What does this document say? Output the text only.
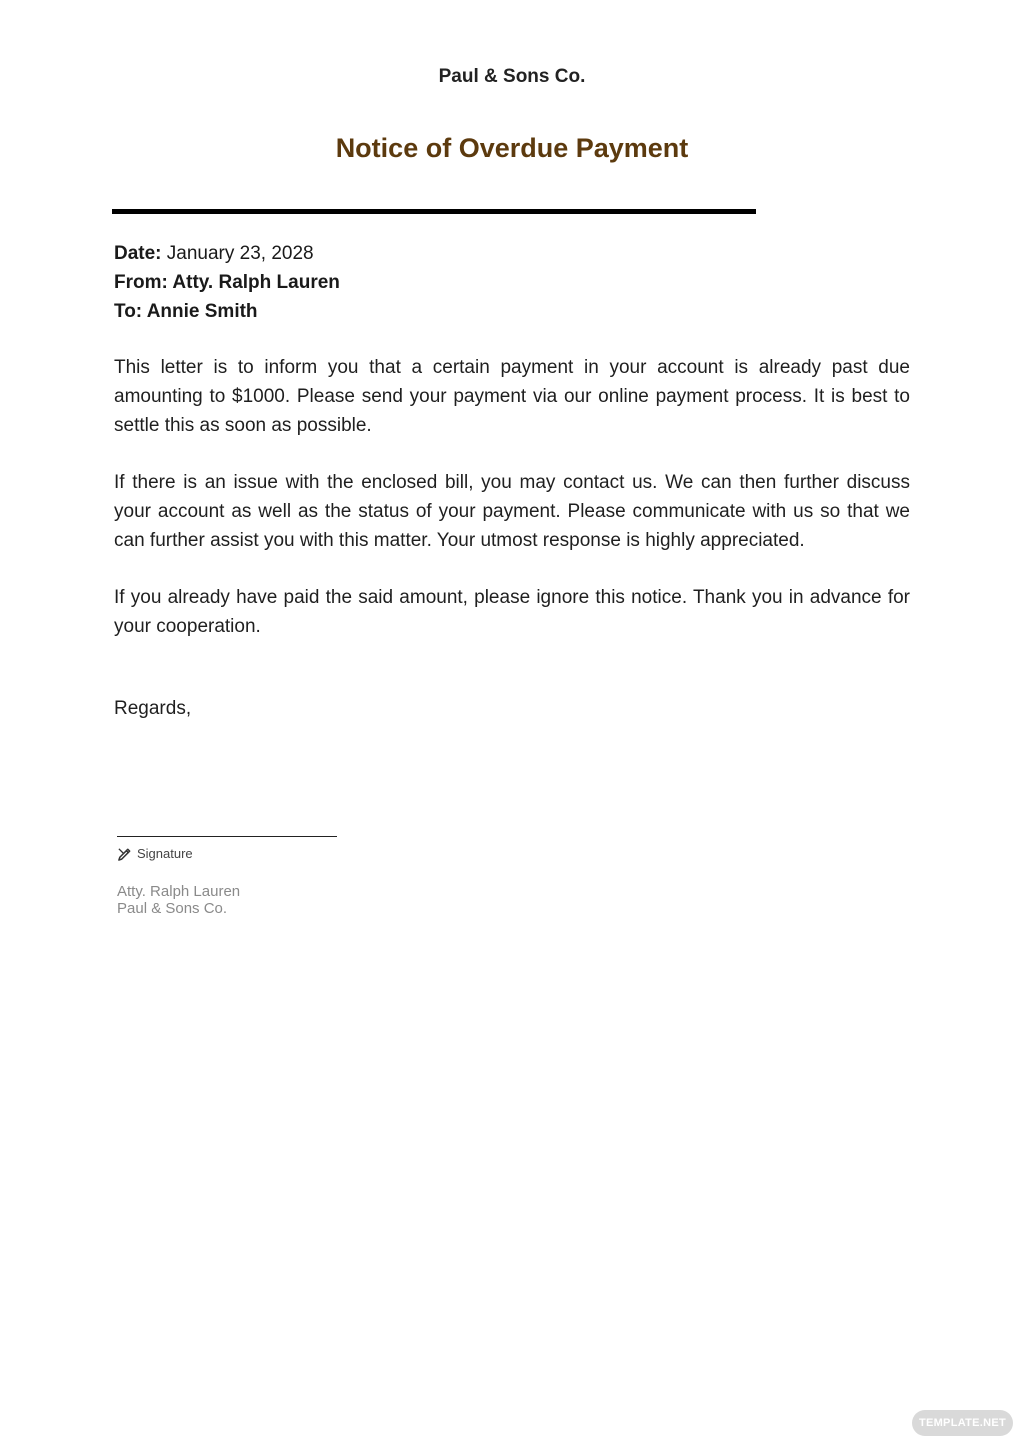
Paul & Sons Co.
Notice of Overdue Payment
Date: January 23, 2028
From: Atty. Ralph Lauren
To: Annie Smith

This letter is to inform you that a certain payment in your account is already past due amounting to $1000. Please send your payment via our online payment process. It is best to settle this as soon as possible.

If there is an issue with the enclosed bill, you may contact us. We can then further discuss your account as well as the status of your payment. Please communicate with us so that we can further assist you with this matter. Your utmost response is highly appreciated.

If you already have paid the said amount, please ignore this notice. Thank you in advance for your cooperation.

Regards,
Signature
Atty. Ralph Lauren
Paul & Sons Co.
TEMPLATE.NET
